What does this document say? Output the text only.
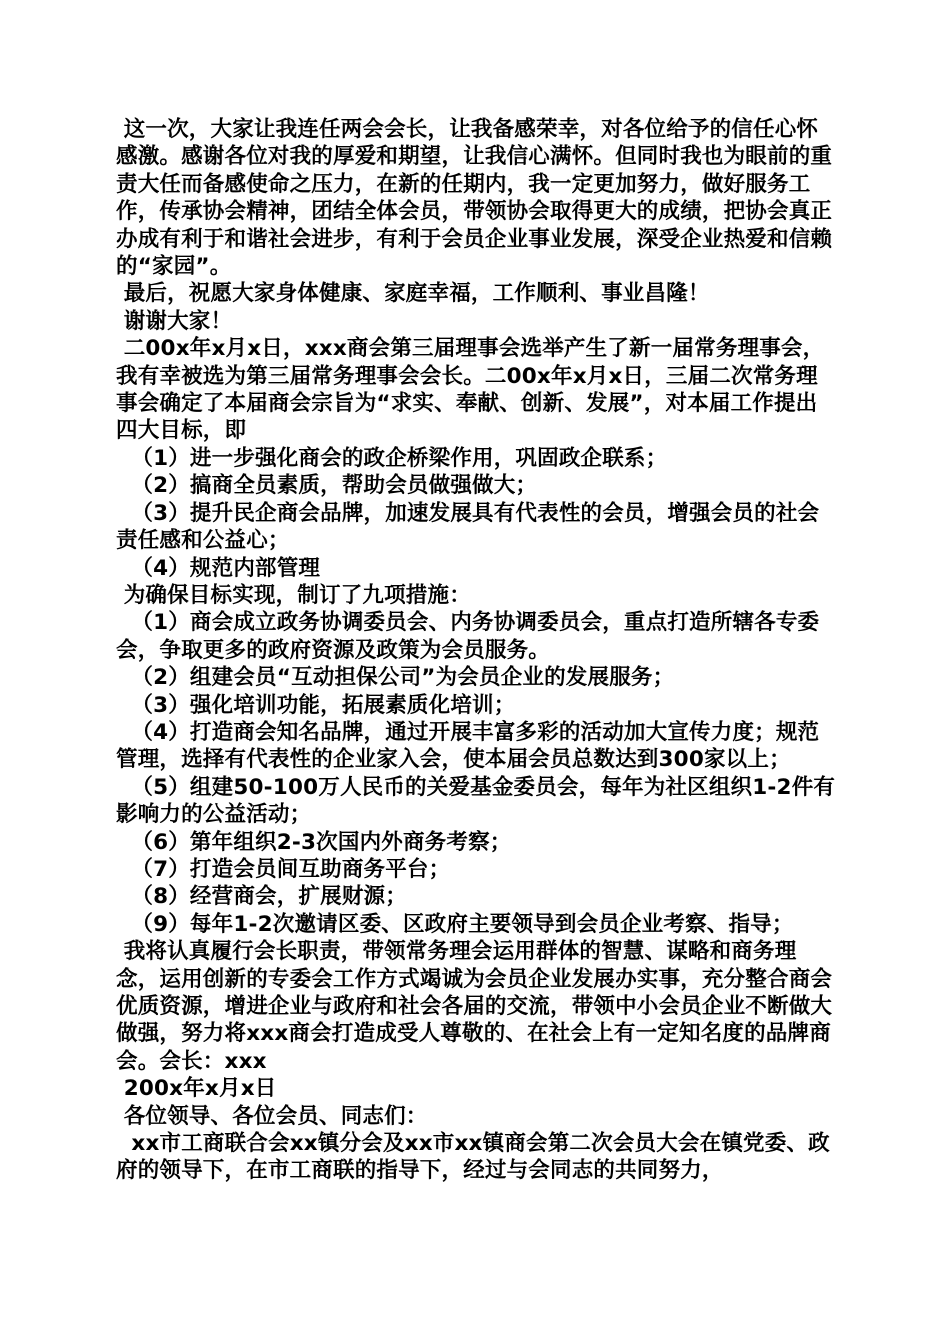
这一次，大家让我连任两会会长，让我备感荣幸，对各位给予的信任心怀感激。感谢各位对我的厚爱和期望，让我信心满怀。但同时我也为眼前的重责大任而备感使命之压力，在新的任期内，我一定更加努力，做好服务工作，传承协会精神，团结全体会员，带领协会取得更大的成绩，把协会真正办成有利于和谐社会进步，有利于会员企业事业发展，深受企业热爱和信赖的“家园”。

最后，祝愿大家身体健康、家庭幸福，工作顺利、事业昌隆！

谢谢大家！

二00x年x月x日，xxx商会第三届理事会选举产生了新一届常务理事会，我有幸被选为第三届常务理事会会长。二00x年x月x日，三届二次常务理事会确定了本届商会宗旨为“求实、奉献、创新、发展”，对本届工作提出四大目标，即

（1）进一步强化商会的政企桥梁作用，巩固政企联系；

（2）搞商全员素质，帮助会员做强做大；

（3）提升民企商会品牌，加速发展具有代表性的会员，增强会员的社会责任感和公益心；

（4）规范内部管理

为确保目标实现，制订了九项措施：

（1）商会成立政务协调委员会、内务协调委员会，重点打造所辖各专委会，争取更多的政府资源及政策为会员服务。

（2）组建会员“互动担保公司”为会员企业的发展服务；

（3）强化培训功能，拓展素质化培训；

（4）打造商会知名品牌，通过开展丰富多彩的活动加大宣传力度；规范管理，选择有代表性的企业家入会，使本届会员总数达到300家以上；

（5）组建50-100万人民币的关爱基金委员会，每年为社区组织1-2件有影响力的公益活动；

（6）第年组织2-3次国内外商务考察；

（7）打造会员间互助商务平台；

（8）经营商会，扩展财源；

（9）每年1-2次邀请区委、区政府主要领导到会员企业考察、指导；

我将认真履行会长职责，带领常务理会运用群体的智慧、谋略和商务理念，运用创新的专委会工作方式竭诚为会员企业发展办实事，充分整合商会优质资源，增进企业与政府和社会各届的交流，带领中小会员企业不断做大做强，努力将xxx商会打造成受人尊敬的、在社会上有一定知名度的品牌商会。会长：xxx

200x年x月x日

各位领导、各位会员、同志们：

xx市工商联合会xx镇分会及xx市xx镇商会第二次会员大会在镇党委、政府的领导下，在市工商联的指导下，经过与会同志的共同努力，
